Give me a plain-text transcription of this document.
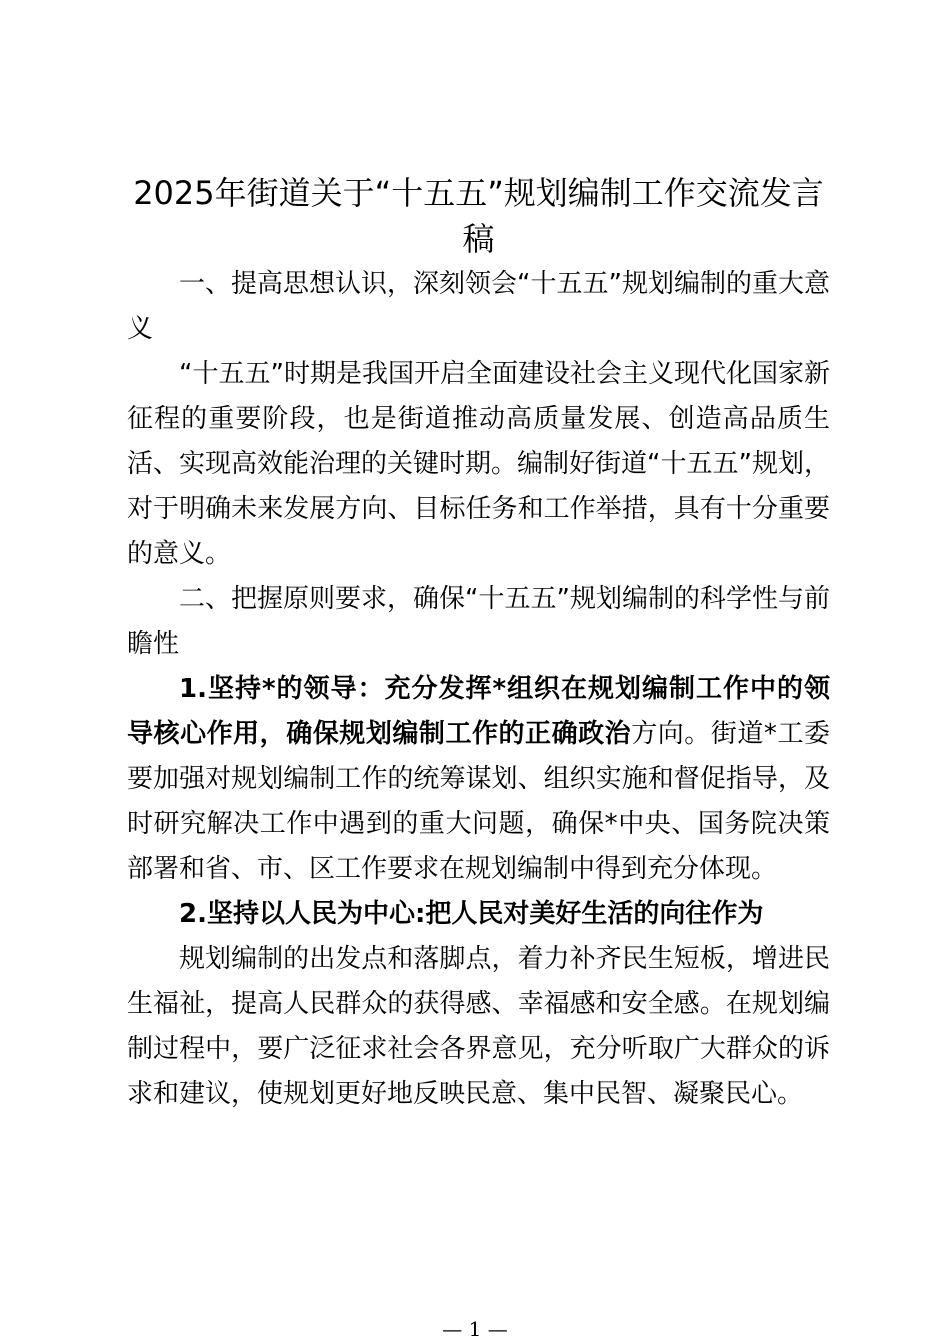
2025年街道关于“十五五”规划编制工作交流发言稿

一、提高思想认识，深刻领会“十五五”规划编制的重大意义

“十五五”时期是我国开启全面建设社会主义现代化国家新征程的重要阶段，也是街道推动高质量发展、创造高品质生活、实现高效能治理的关键时期。编制好街道“十五五”规划，对于明确未来发展方向、目标任务和工作举措，具有十分重要的意义。

二、把握原则要求，确保“十五五”规划编制的科学性与前瞻性

1.坚持*的领导：充分发挥*组织在规划编制工作中的领导核心作用，确保规划编制工作的正确政治方向。街道*工委要加强对规划编制工作的统筹谋划、组织实施和督促指导，及时研究解决工作中遇到的重大问题，确保*中央、国务院决策部署和省、市、区工作要求在规划编制中得到充分体现。

2.坚持以人民为中心:把人民对美好生活的向往作为

规划编制的出发点和落脚点，着力补齐民生短板，增进民生福祉，提高人民群众的获得感、幸福感和安全感。在规划编制过程中，要广泛征求社会各界意见，充分听取广大群众的诉求和建议，使规划更好地反映民意、集中民智、凝聚民心。

— 1 —
